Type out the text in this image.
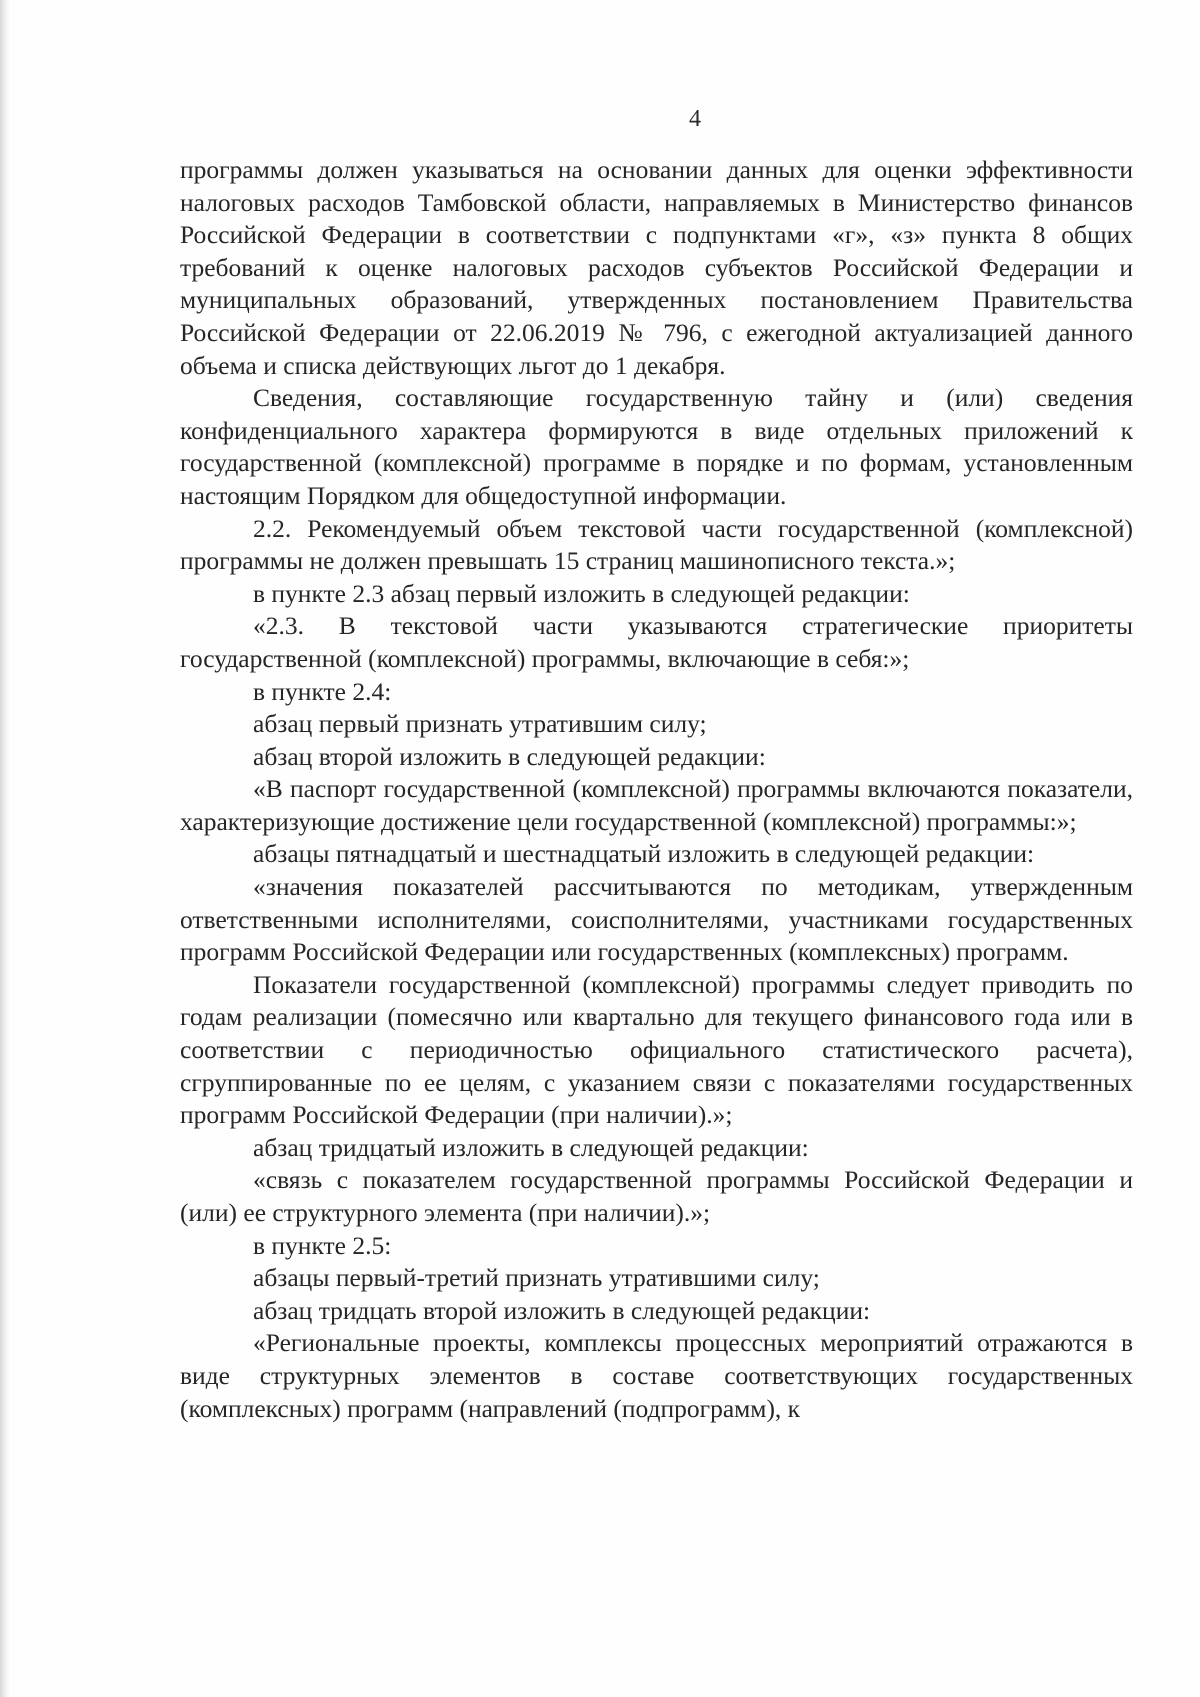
4

программы должен указываться на основании данных для оценки эффективности налоговых расходов Тамбовской области, направляемых в Министерство финансов Российской Федерации в соответствии с подпунктами «г», «з» пункта 8 общих требований к оценке налоговых расходов субъектов Российской Федерации и муниципальных образований, утвержденных постановлением Правительства Российской Федерации от 22.06.2019 № 796, с ежегодной актуализацией данного объема и списка действующих льгот до 1 декабря.

Сведения, составляющие государственную тайну и (или) сведения конфиденциального характера формируются в виде отдельных приложений к государственной (комплексной) программе в порядке и по формам, установленным настоящим Порядком для общедоступной информации.

2.2. Рекомендуемый объем текстовой части государственной (комплексной) программы не должен превышать 15 страниц машинописного текста.»;

в пункте 2.3 абзац первый изложить в следующей редакции:

«2.3. В текстовой части указываются стратегические приоритеты государственной (комплексной) программы, включающие в себя:»;

в пункте 2.4:

абзац первый признать утратившим силу;

абзац второй изложить в следующей редакции:

«В паспорт государственной (комплексной) программы включаются показатели, характеризующие достижение цели государственной (комплексной) программы:»;

абзацы пятнадцатый и шестнадцатый изложить в следующей редакции:

«значения показателей рассчитываются по методикам, утвержденным ответственными исполнителями, соисполнителями, участниками государственных программ Российской Федерации или государственных (комплексных) программ.

Показатели государственной (комплексной) программы следует приводить по годам реализации (помесячно или квартально для текущего финансового года или в соответствии с периодичностью официального статистического расчета), сгруппированные по ее целям, с указанием связи с показателями государственных программ Российской Федерации (при наличии).»;

абзац тридцатый изложить в следующей редакции:

«связь с показателем государственной программы Российской Федерации и (или) ее структурного элемента (при наличии).»;

в пункте 2.5:

абзацы первый-третий признать утратившими силу;

абзац тридцать второй изложить в следующей редакции:

«Региональные проекты, комплексы процессных мероприятий отражаются в виде структурных элементов в составе соответствующих государственных (комплексных) программ (направлений (подпрограмм), к
